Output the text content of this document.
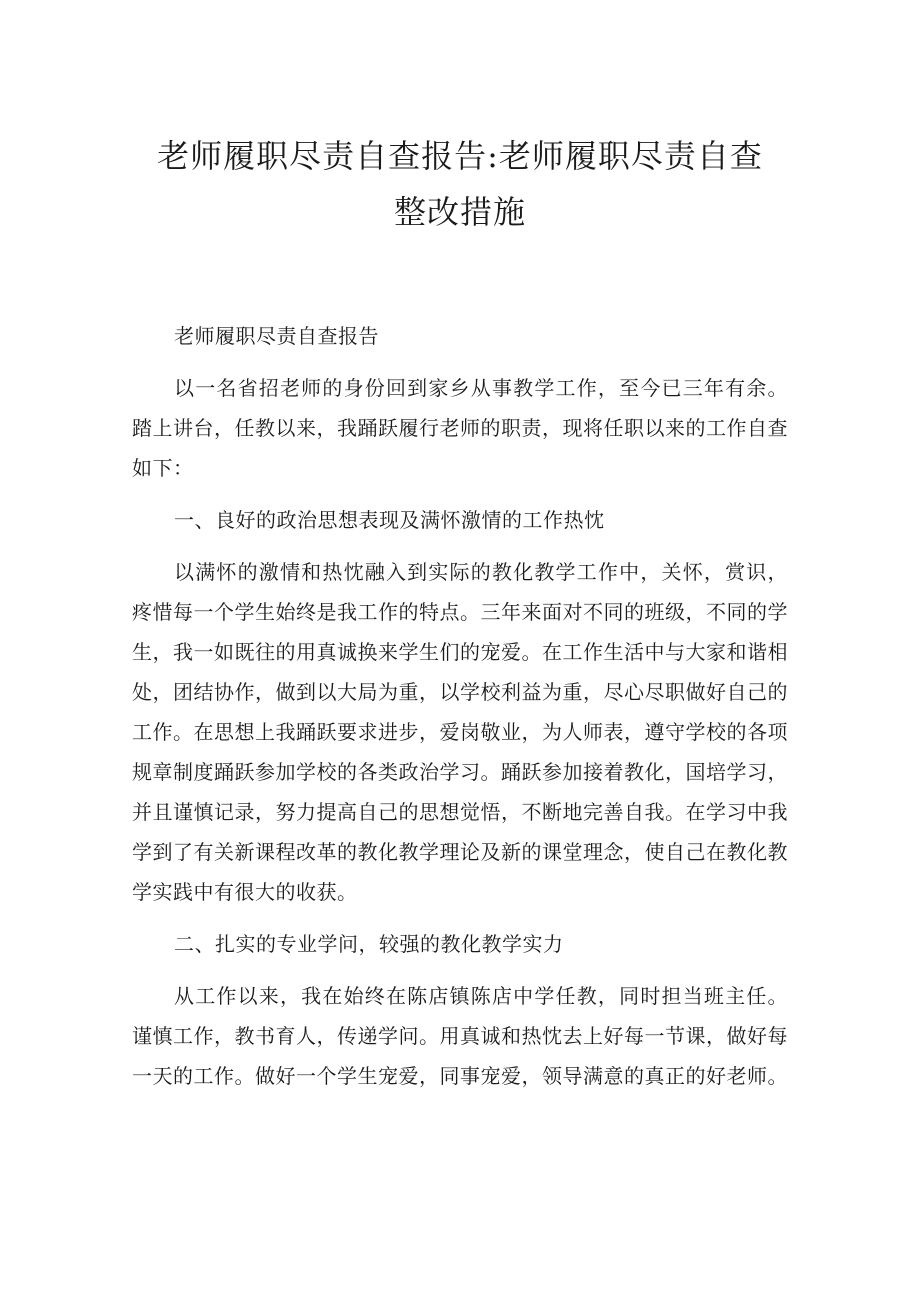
老师履职尽责自查报告:老师履职尽责自查
整改措施

老师履职尽责自查报告

以一名省招老师的身份回到家乡从事教学工作，至今已三年有余。踏上讲台，任教以来，我踊跃履行老师的职责，现将任职以来的工作自查如下：

一、良好的政治思想表现及满怀激情的工作热忱

以满怀的激情和热忱融入到实际的教化教学工作中，关怀，赏识，疼惜每一个学生始终是我工作的特点。三年来面对不同的班级，不同的学生，我一如既往的用真诚换来学生们的宠爱。在工作生活中与大家和谐相处，团结协作，做到以大局为重，以学校利益为重，尽心尽职做好自己的工作。在思想上我踊跃要求进步，爱岗敬业，为人师表，遵守学校的各项规章制度踊跃参加学校的各类政治学习。踊跃参加接着教化，国培学习，并且谨慎记录，努力提高自己的思想觉悟，不断地完善自我。在学习中我学到了有关新课程改革的教化教学理论及新的课堂理念，使自己在教化教学实践中有很大的收获。

二、扎实的专业学问，较强的教化教学实力

从工作以来，我在始终在陈店镇陈店中学任教，同时担当班主任。谨慎工作，教书育人，传递学问。用真诚和热忱去上好每一节课，做好每一天的工作。做好一个学生宠爱，同事宠爱，领导满意的真正的好老师。
